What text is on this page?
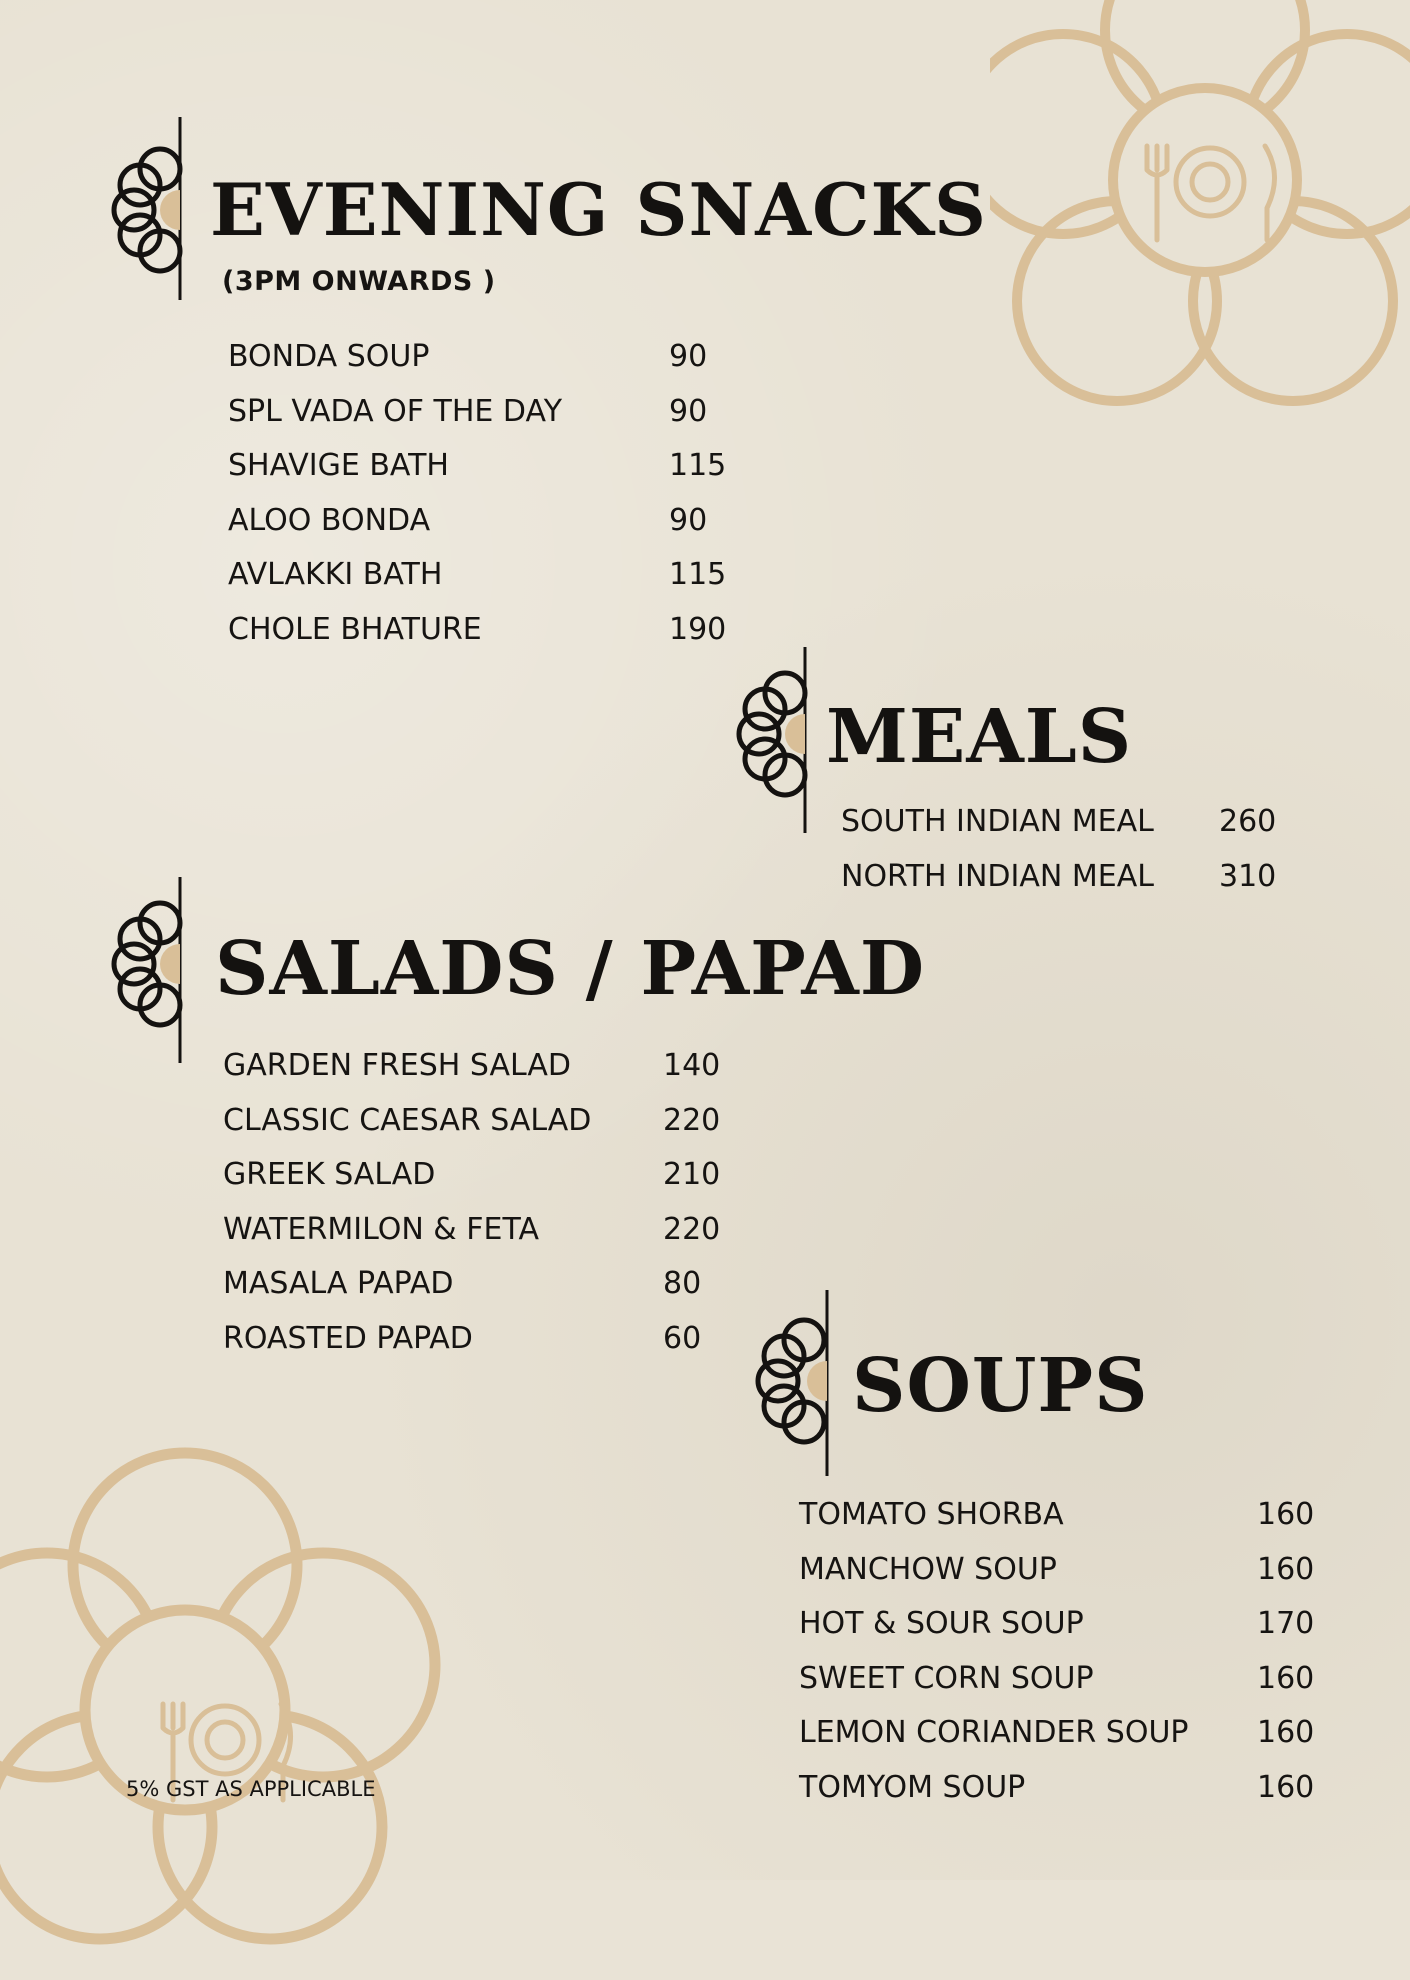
EVENING SNACKS
(3PM ONWARDS )
BONDA SOUP	90
SPL VADA OF THE DAY	90
SHAVIGE BATH	115
ALOO BONDA	90
AVLAKKI BATH	115
CHOLE BHATURE	190
MEALS
SOUTH INDIAN MEAL 260
NORTH INDIAN MEAL 310
SALADS / PAPAD
GARDEN FRESH SALAD	140
CLASSIC CAESAR SALAD 220
GREEK SALAD	210
WATERMILON & FETA	220
MASALA PAPAD	80
ROASTED PAPAD	60
SOUPS
TOMATO SHORBA	160
MANCHOW SOUP	160
HOT & SOUR SOUP	170
SWEET CORN SOUP	160
LEMON CORIANDER SOUP 160
TOMYOM SOUP	160
5% GST AS APPLICABLE
